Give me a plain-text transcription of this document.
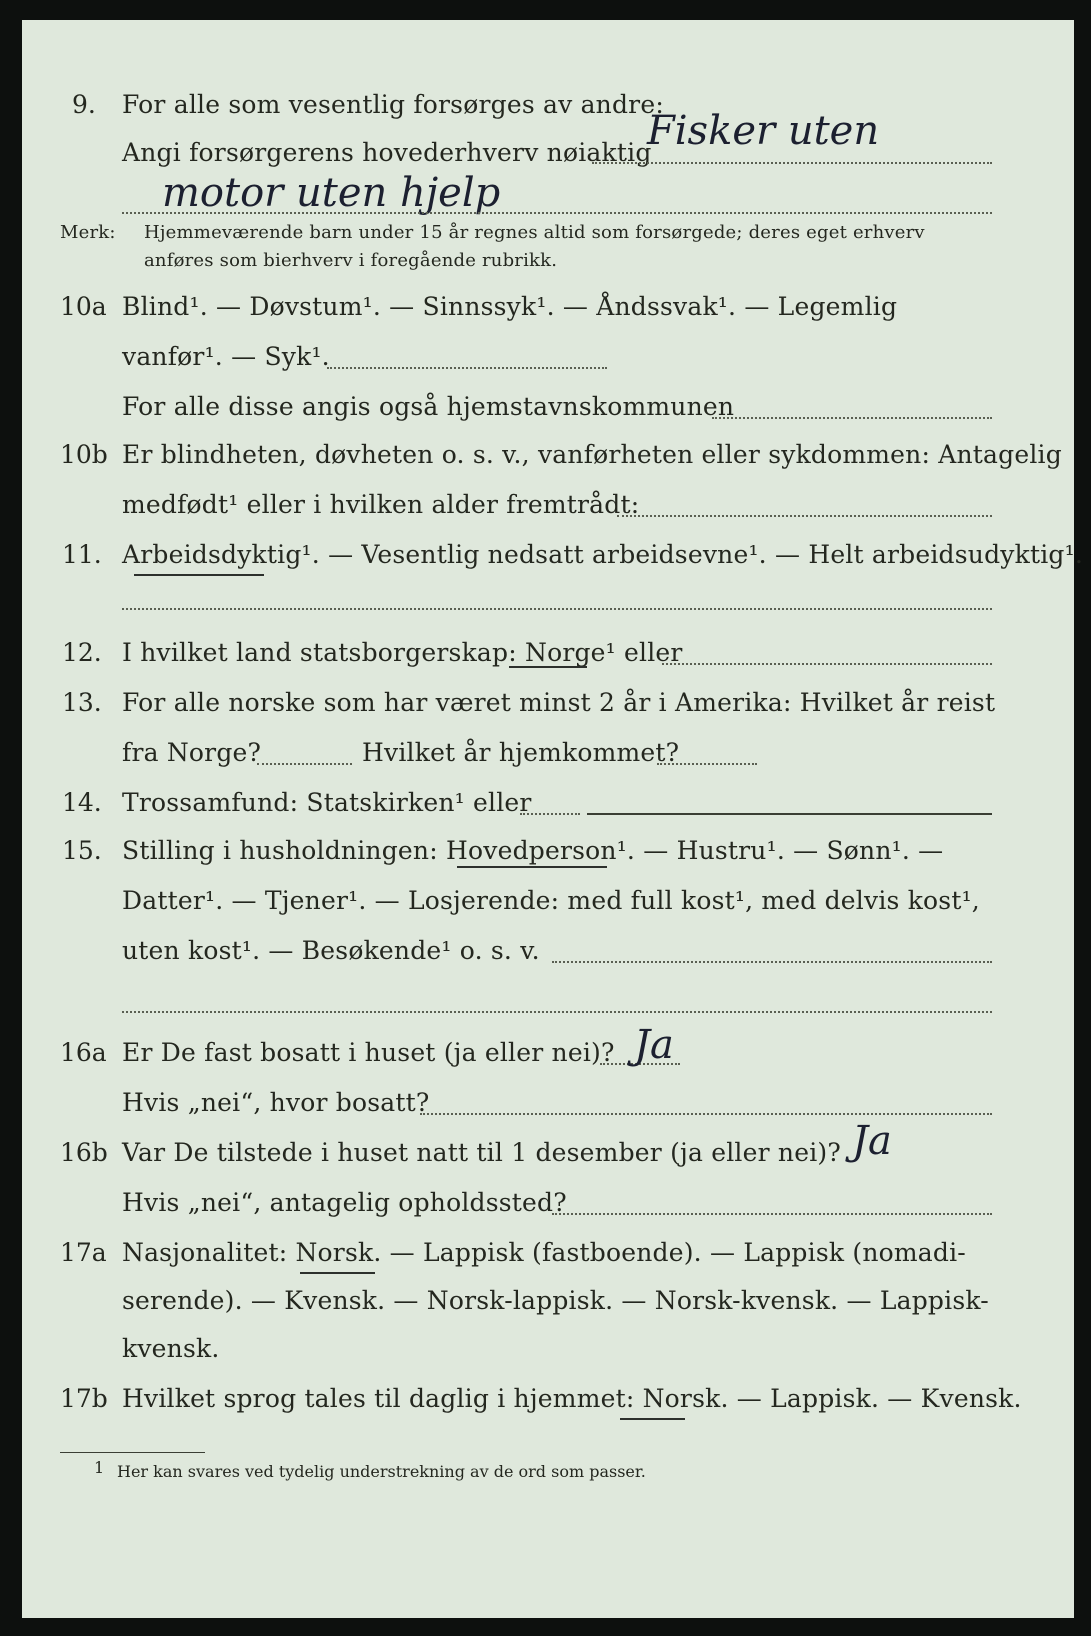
9. For alle som vesentlig forsørges av andre:
Angi forsørgerens hovederhverv nøiaktig
Fisker uten
motor uten hjelp
Merk: Hjemmeværende barn under 15 år regnes altid som forsørgede; deres eget erhverv
anføres som bierhverv i foregående rubrikk.
10a Blind¹. — Døvstum¹. — Sinnssyk¹. — Åndssvak¹. — Legemlig
vanfør¹. — Syk¹.
For alle disse angis også hjemstavnskommunen
10b Er blindheten, døvheten o. s. v., vanførheten eller sykdommen: Antagelig
medfødt¹ eller i hvilken alder fremtrådt:
11. Arbeidsdyktig¹. — Vesentlig nedsatt arbeidsevne¹. — Helt arbeidsudyktig¹.
12. I hvilket land statsborgerskap: Norge¹ eller
13. For alle norske som har været minst 2 år i Amerika: Hvilket år reist
fra Norge?	Hvilket år hjemkommet?
14. Trossamfund: Statskirken¹ eller
15. Stilling i husholdningen: Hovedperson¹. — Hustru¹. — Sønn¹. —
Datter¹. — Tjener¹. — Losjerende: med full kost¹, med delvis kost¹,
uten kost¹. — Besøkende¹ o. s. v.
16a Er De fast bosatt i huset (ja eller nei)? Ja
Hvis „nei“, hvor bosatt?
16b Var De tilstede i huset natt til 1 desember (ja eller nei)? Ja
Hvis „nei“, antagelig opholdssted?
17a Nasjonalitet: Norsk. — Lappisk (fastboende). — Lappisk (nomadi-
serende). — Kvensk. — Norsk-lappisk. — Norsk-kvensk. — Lappisk-
kvensk.
17b Hvilket sprog tales til daglig i hjemmet: Norsk. — Lappisk. — Kvensk.
1 Her kan svares ved tydelig understrekning av de ord som passer.
